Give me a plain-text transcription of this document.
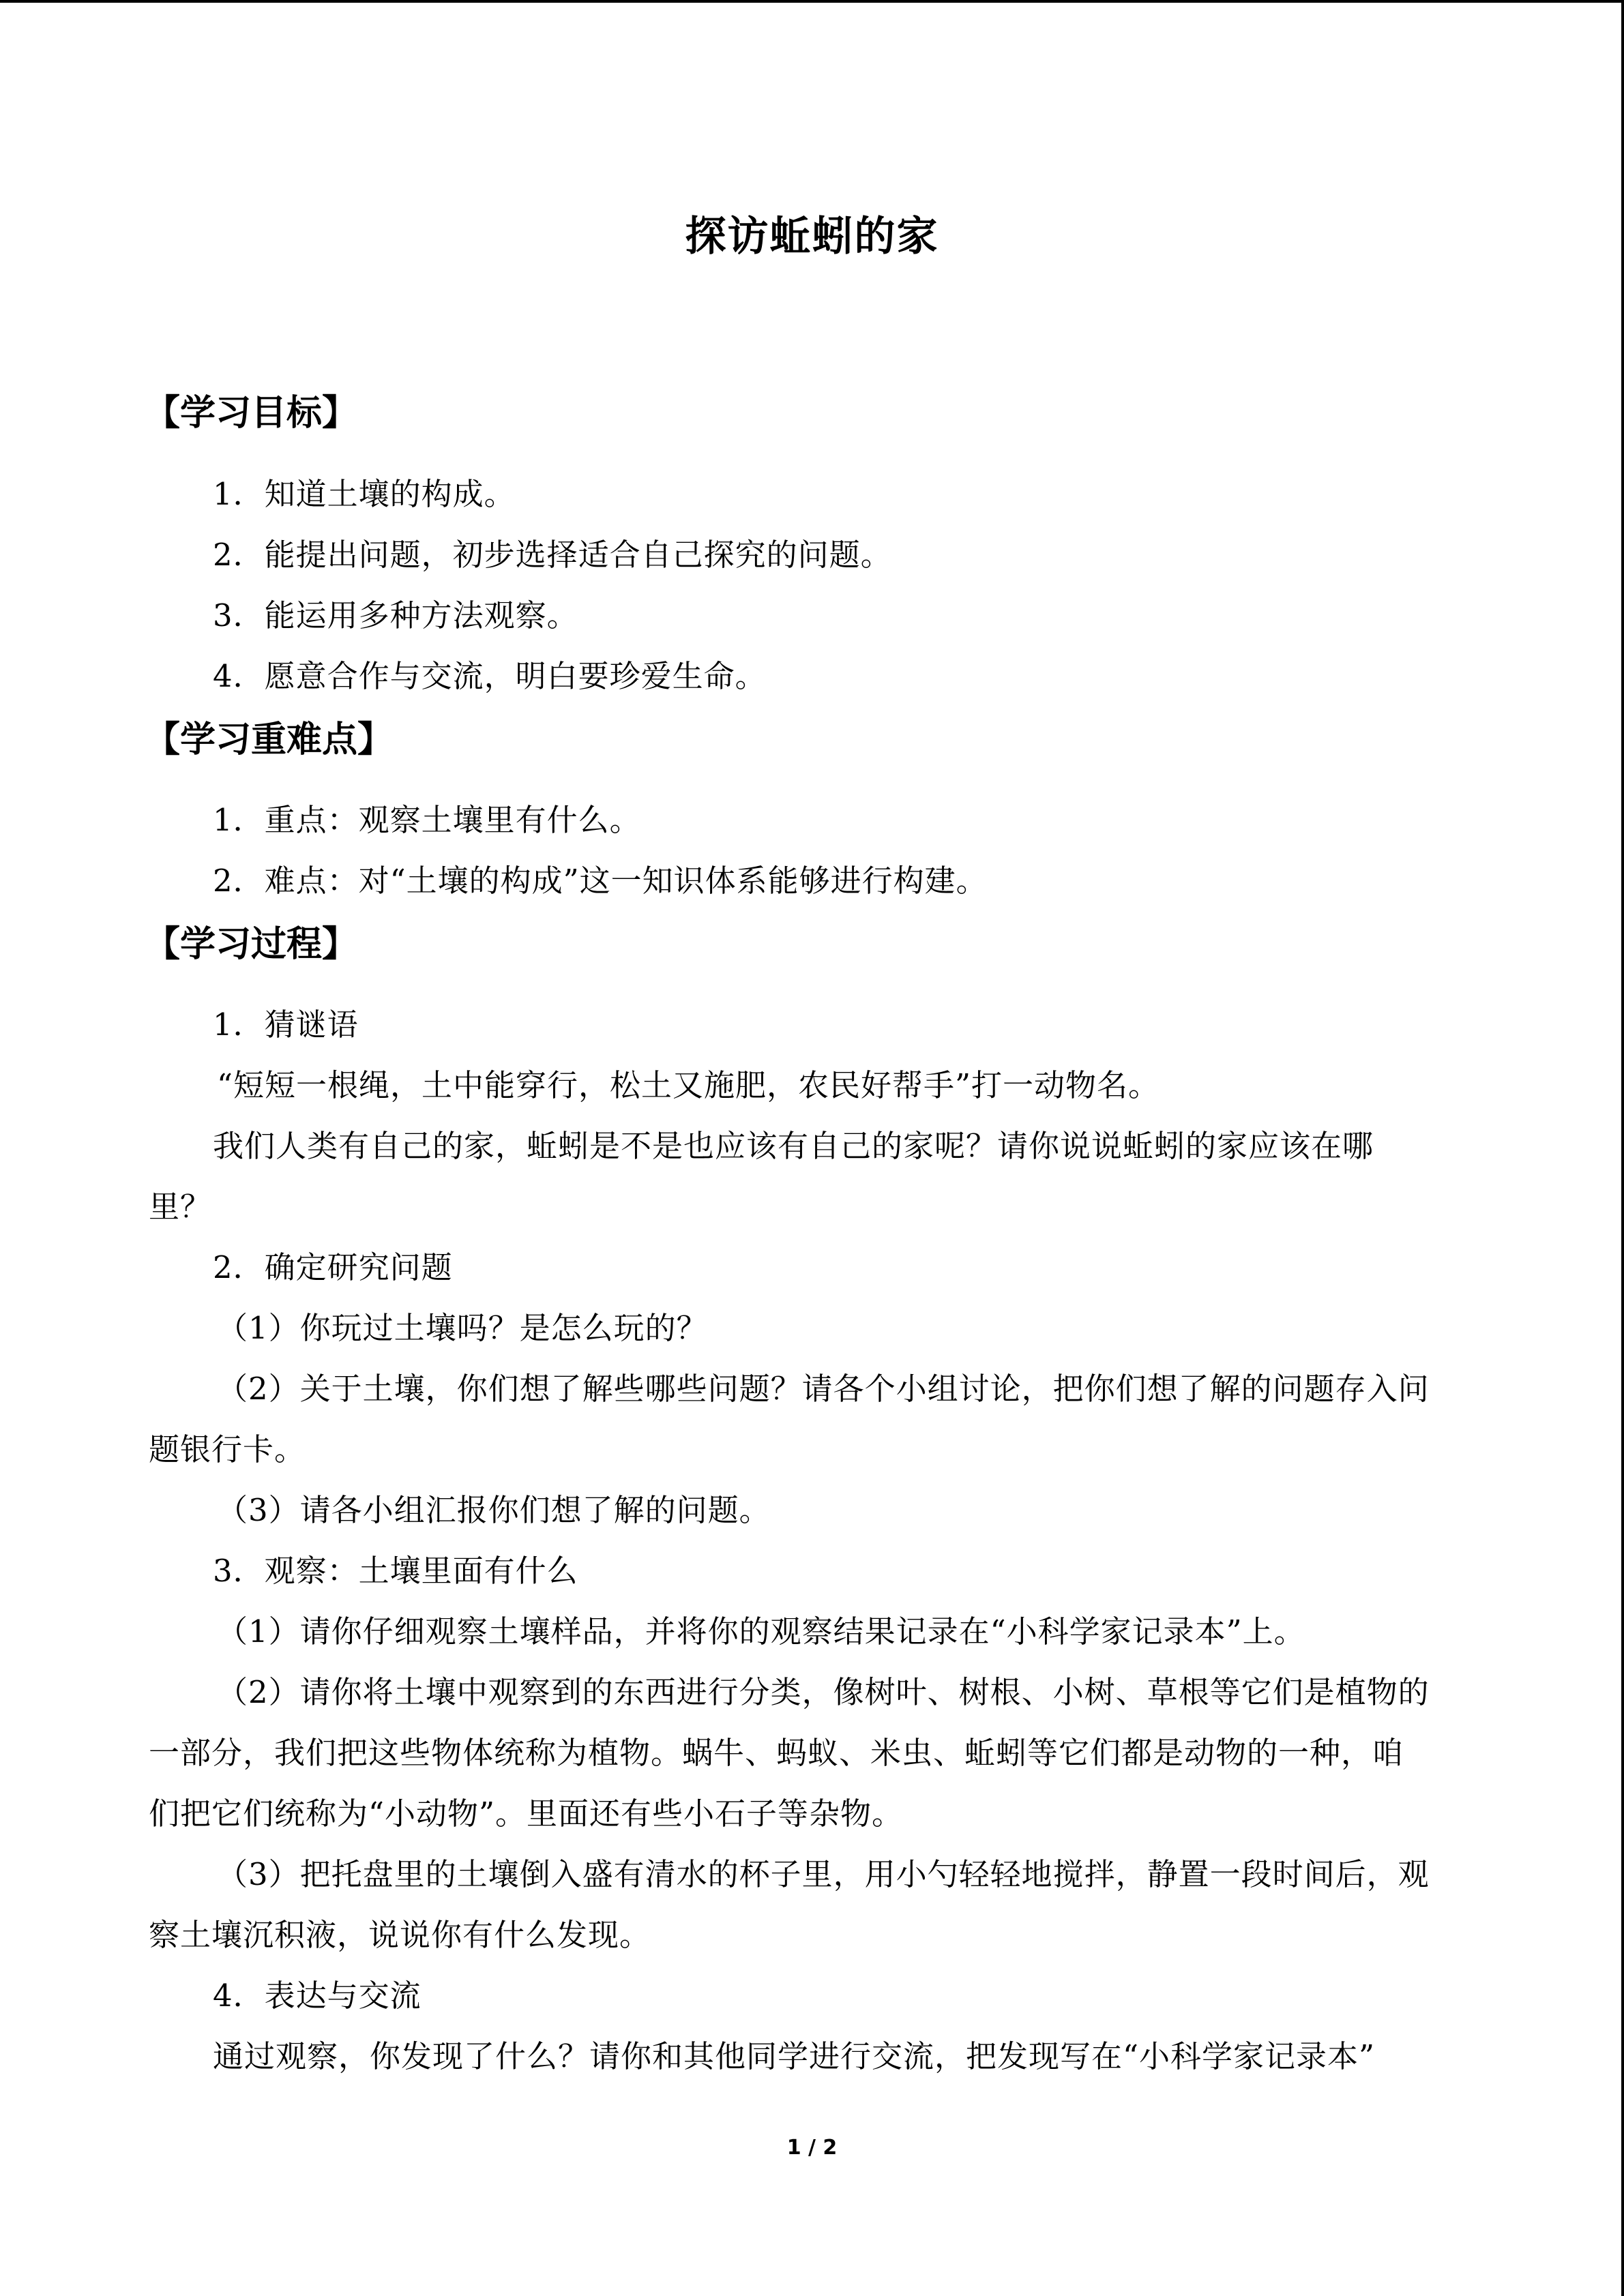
探访蚯蚓的家
【学习目标】
1．知道土壤的构成。
2．能提出问题，初步选择适合自己探究的问题。
3．能运用多种方法观察。
4．愿意合作与交流，明白要珍爱生命。
【学习重难点】
1．重点：观察土壤里有什么。
2．难点：对“土壤的构成”这一知识体系能够进行构建。
【学习过程】
1．猜谜语
“短短一根绳，土中能穿行，松土又施肥，农民好帮手”打一动物名。
我们人类有自己的家，蚯蚓是不是也应该有自己的家呢？请你说说蚯蚓的家应该在哪
里？
2．确定研究问题
（1）你玩过土壤吗？是怎么玩的？
（2）关于土壤，你们想了解些哪些问题？请各个小组讨论，把你们想了解的问题存入问
题银行卡。
（3）请各小组汇报你们想了解的问题。
3．观察：土壤里面有什么
（1）请你仔细观察土壤样品，并将你的观察结果记录在“小科学家记录本”上。
（2）请你将土壤中观察到的东西进行分类，像树叶、树根、小树、草根等它们是植物的
一部分，我们把这些物体统称为植物。蜗牛、蚂蚁、米虫、蚯蚓等它们都是动物的一种，咱
们把它们统称为“小动物”。里面还有些小石子等杂物。
（3）把托盘里的土壤倒入盛有清水的杯子里，用小勺轻轻地搅拌，静置一段时间后，观
察土壤沉积液，说说你有什么发现。
4．表达与交流
通过观察，你发现了什么？请你和其他同学进行交流，把发现写在“小科学家记录本”
1 / 2
